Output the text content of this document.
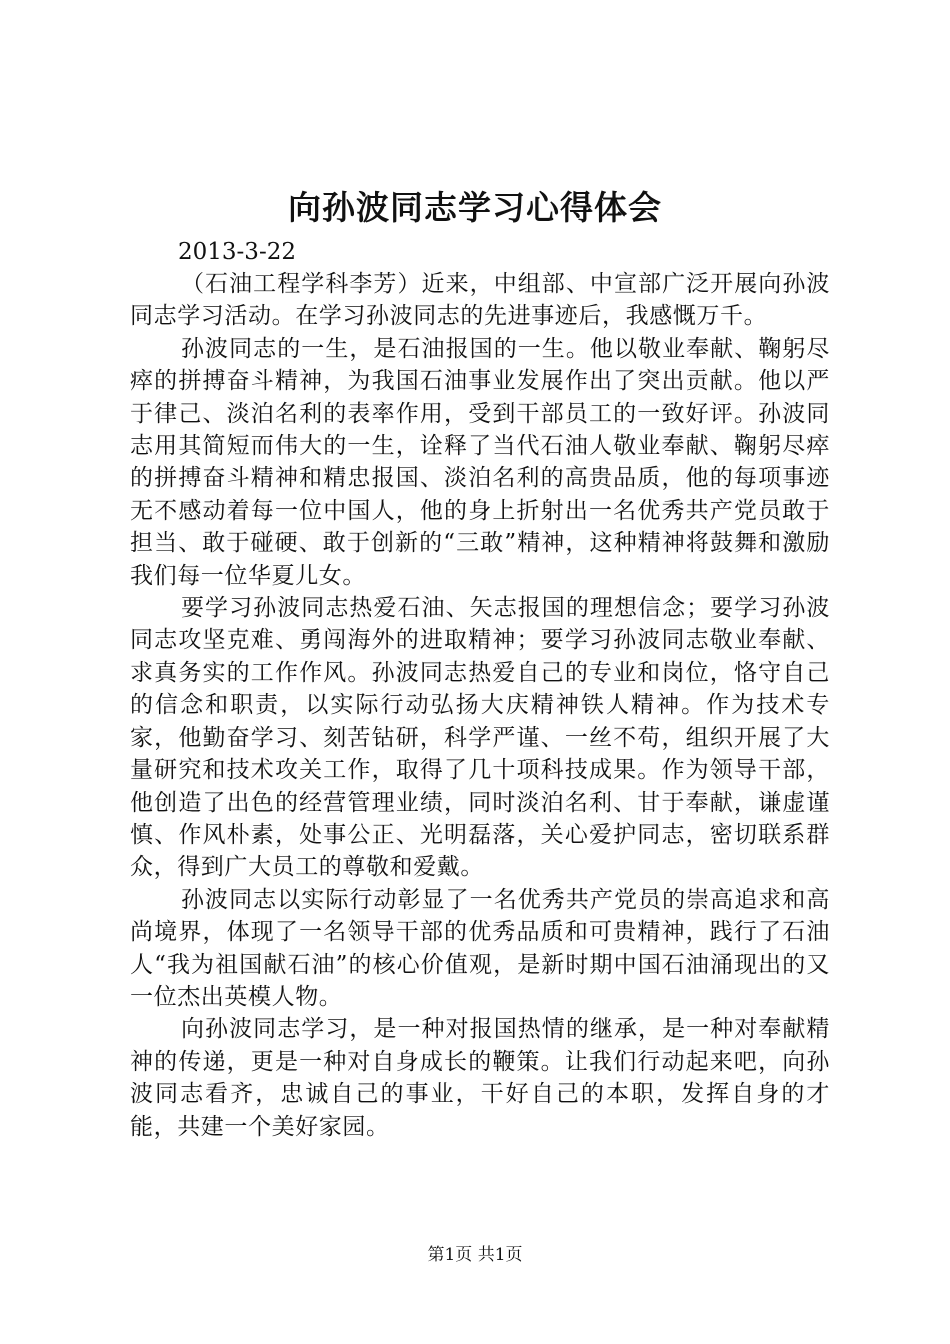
向孙波同志学习心得体会

2013-3-22

（石油工程学科李芳）近来，中组部、中宣部广泛开展向孙波同志学习活动。在学习孙波同志的先进事迹后，我感慨万千。

孙波同志的一生，是石油报国的一生。他以敬业奉献、鞠躬尽瘁的拼搏奋斗精神，为我国石油事业发展作出了突出贡献。他以严于律己、淡泊名利的表率作用，受到干部员工的一致好评。孙波同志用其简短而伟大的一生，诠释了当代石油人敬业奉献、鞠躬尽瘁的拼搏奋斗精神和精忠报国、淡泊名利的高贵品质，他的每项事迹无不感动着每一位中国人，他的身上折射出一名优秀共产党员敢于担当、敢于碰硬、敢于创新的“三敢”精神，这种精神将鼓舞和激励我们每一位华夏儿女。

要学习孙波同志热爱石油、矢志报国的理想信念；要学习孙波同志攻坚克难、勇闯海外的进取精神；要学习孙波同志敬业奉献、求真务实的工作作风。孙波同志热爱自己的专业和岗位，恪守自己的信念和职责，以实际行动弘扬大庆精神铁人精神。作为技术专家，他勤奋学习、刻苦钻研，科学严谨、一丝不苟，组织开展了大量研究和技术攻关工作，取得了几十项科技成果。作为领导干部，他创造了出色的经营管理业绩，同时淡泊名利、甘于奉献，谦虚谨慎、作风朴素，处事公正、光明磊落，关心爱护同志，密切联系群众，得到广大员工的尊敬和爱戴。

孙波同志以实际行动彰显了一名优秀共产党员的崇高追求和高尚境界，体现了一名领导干部的优秀品质和可贵精神，践行了石油人“我为祖国献石油”的核心价值观，是新时期中国石油涌现出的又一位杰出英模人物。

向孙波同志学习，是一种对报国热情的继承，是一种对奉献精神的传递，更是一种对自身成长的鞭策。让我们行动起来吧，向孙波同志看齐，忠诚自己的事业，干好自己的本职，发挥自身的才能，共建一个美好家园。

第1页 共1页
